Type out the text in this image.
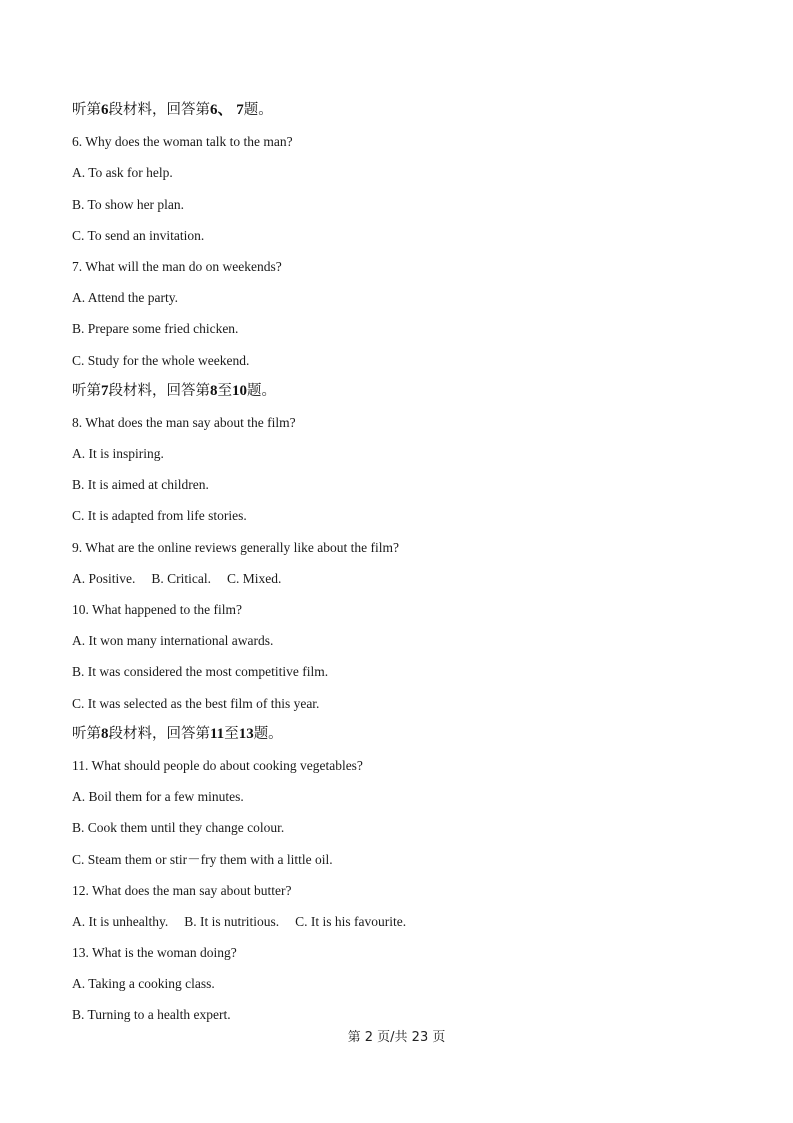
听第6段材料，回答第6、 7题。
6. Why does the woman talk to the man?
A. To ask for help.
B. To show her plan.
C. To send an invitation.
7. What will the man do on weekends?
A. Attend the party.
B. Prepare some fried chicken.
C. Study for the whole weekend.
听第7段材料，回答第8至10题。
8. What does the man say about the film?
A. It is inspiring.
B. It is aimed at children.
C. It is adapted from life stories.
9. What are the online reviews generally like about the film?
A. Positive. B. Critical. C. Mixed.
10. What happened to the film?
A. It won many international awards.
B. It was considered the most competitive film.
C. It was selected as the best film of this year.
听第8段材料，回答第11至13题。
11. What should people do about cooking vegetables?
A. Boil them for a few minutes.
B. Cook them until they change colour.
C. Steam them or stir－fry them with a little oil.
12. What does the man say about butter?
A. It is unhealthy. B. It is nutritious. C. It is his favourite.
13. What is the woman doing?
A. Taking a cooking class.
B. Turning to a health expert.
第 2 页/共 23 页
